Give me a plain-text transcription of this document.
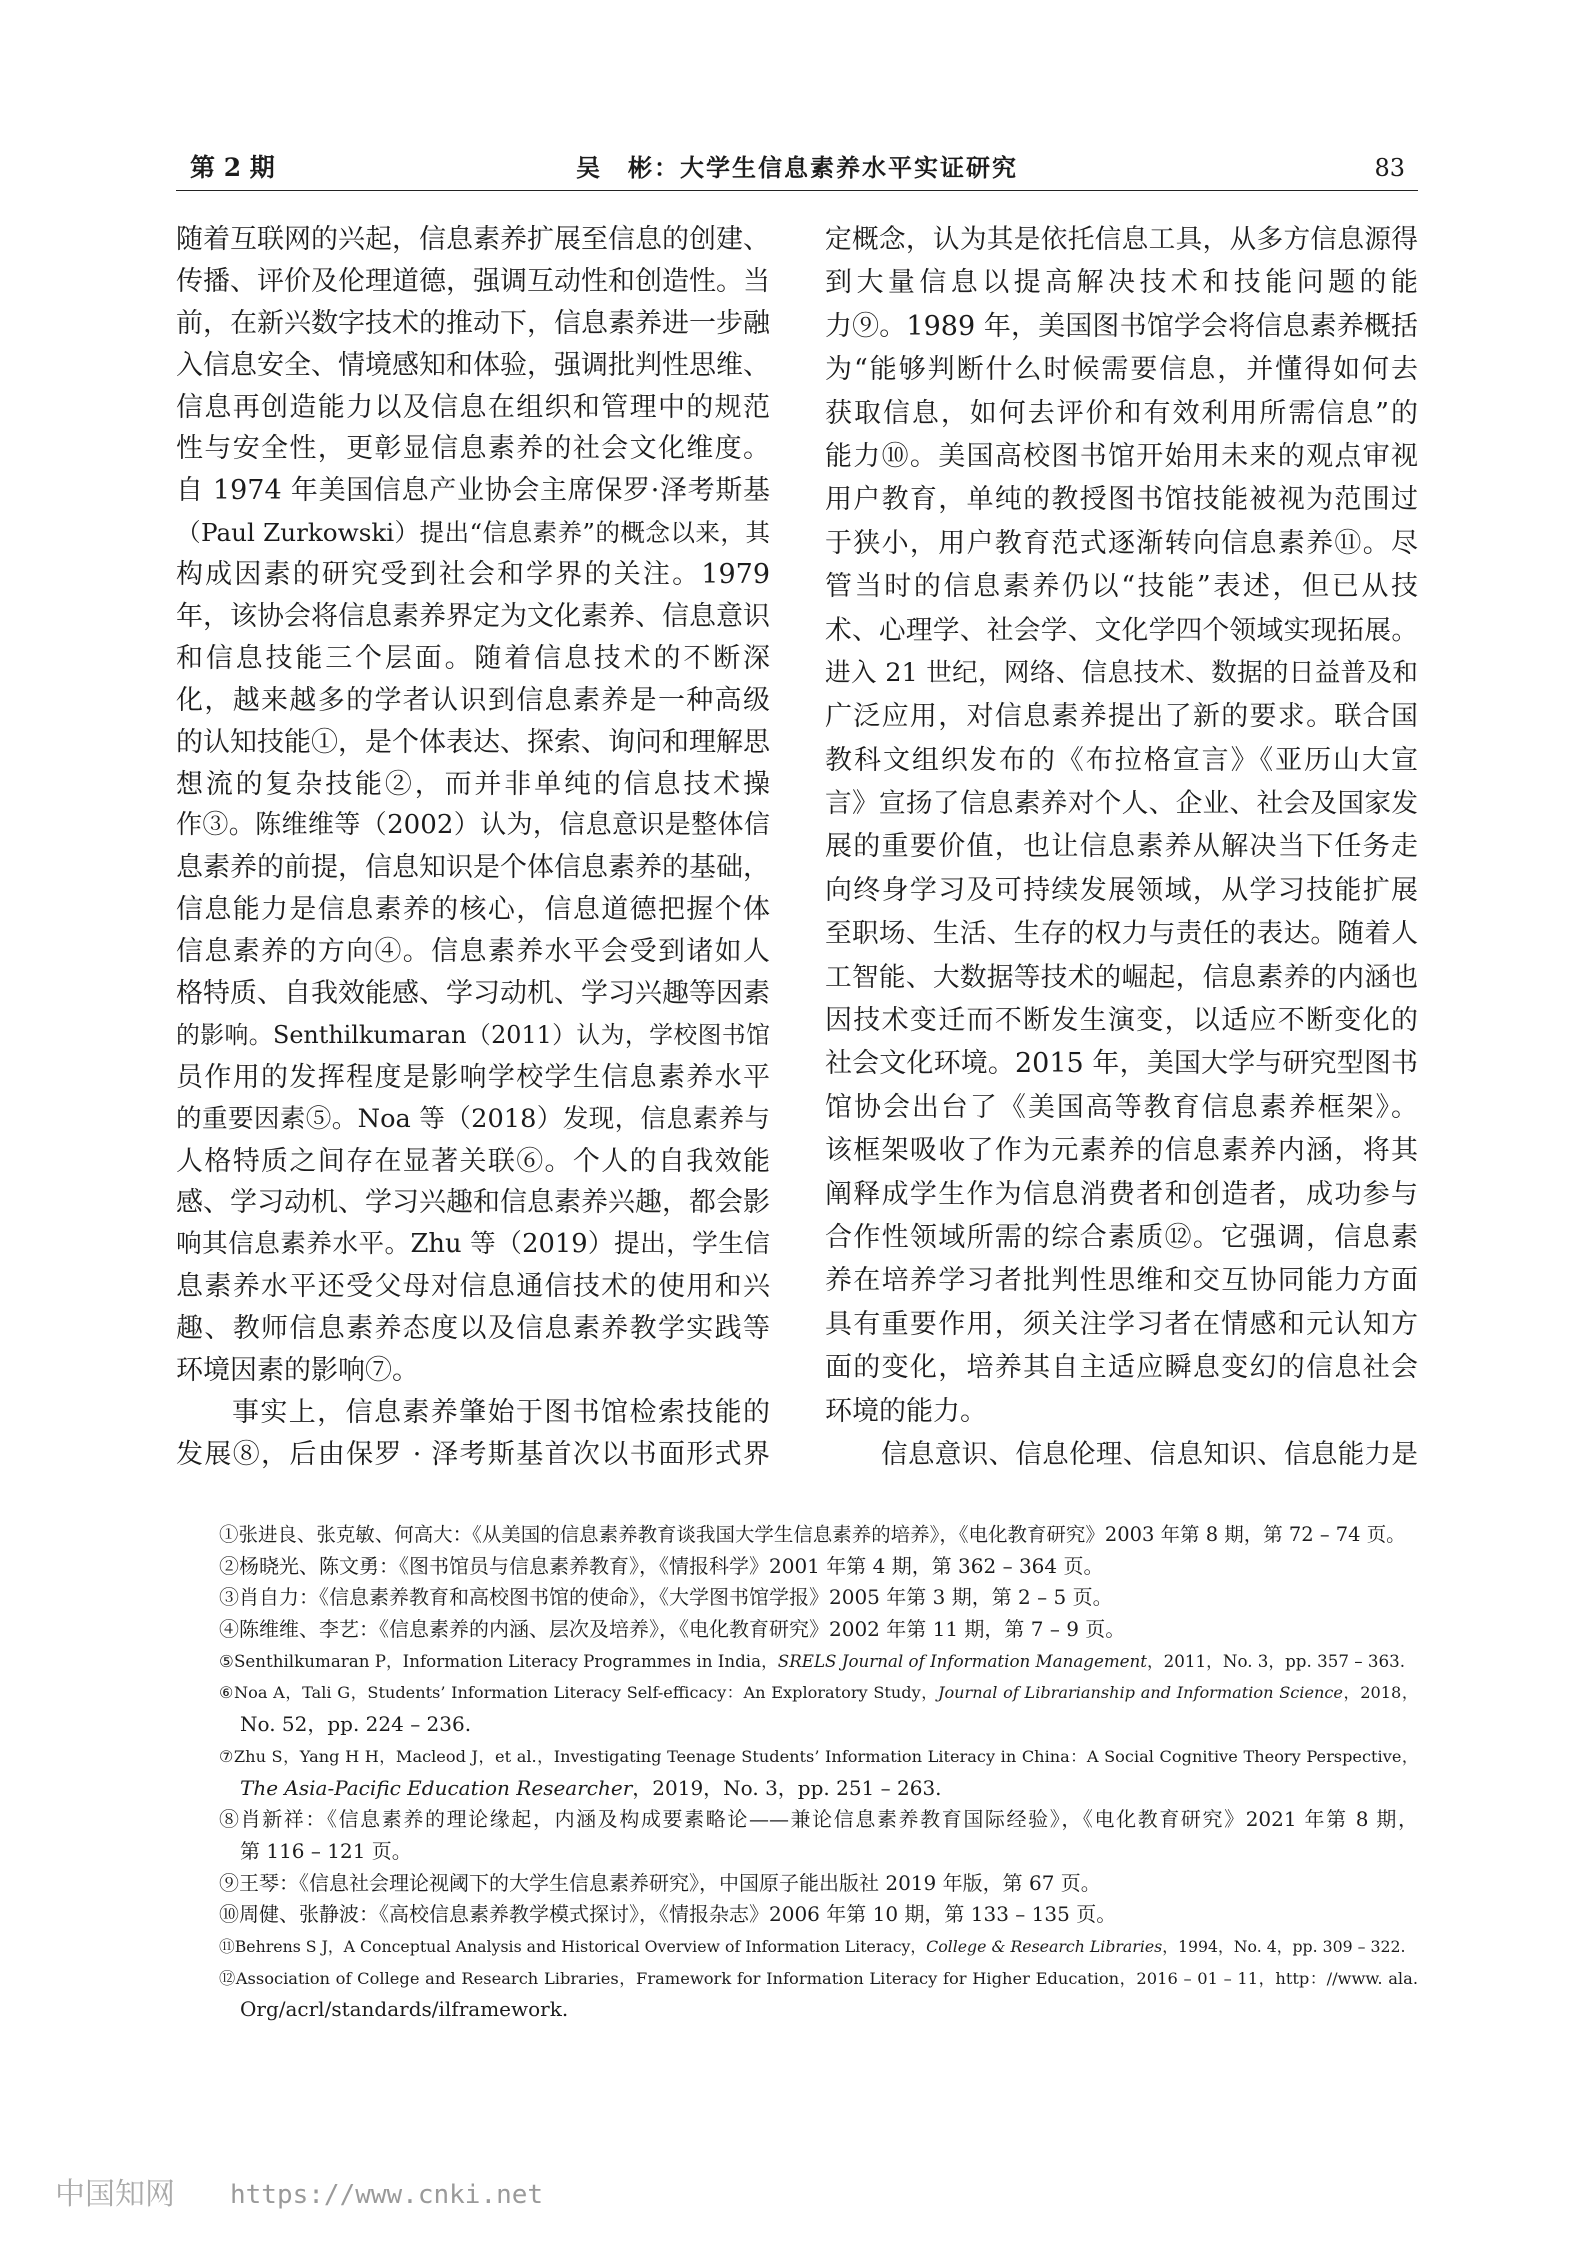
第 2 期	吴　彬：大学生信息素养水平实证研究	83
随着互联网的兴起，信息素养扩展至信息的创建、
传播、评价及伦理道德，强调互动性和创造性。当
前，在新兴数字技术的推动下，信息素养进一步融
入信息安全、情境感知和体验，强调批判性思维、
信息再创造能力以及信息在组织和管理中的规范
性与安全性，更彰显信息素养的社会文化维度。
自 1974 年美国信息产业协会主席保罗·泽考斯基
（Paul Zurkowski）提出“信息素养”的概念以来，其
构成因素的研究受到社会和学界的关注。1979
年，该协会将信息素养界定为文化素养、信息意识
和信息技能三个层面。随着信息技术的不断深
化，越来越多的学者认识到信息素养是一种高级
的认知技能①，是个体表达、探索、询问和理解思
想流的复杂技能②，而并非单纯的信息技术操
作③。陈维维等（2002）认为，信息意识是整体信
息素养的前提，信息知识是个体信息素养的基础，
信息能力是信息素养的核心，信息道德把握个体
信息素养的方向④。信息素养水平会受到诸如人
格特质、自我效能感、学习动机、学习兴趣等因素
的影响。Senthilkumaran（2011）认为，学校图书馆
员作用的发挥程度是影响学校学生信息素养水平
的重要因素⑤。Noa 等（2018）发现，信息素养与
人格特质之间存在显著关联⑥。个人的自我效能
感、学习动机、学习兴趣和信息素养兴趣，都会影
响其信息素养水平。Zhu 等（2019）提出，学生信
息素养水平还受父母对信息通信技术的使用和兴
趣、教师信息素养态度以及信息素养教学实践等
环境因素的影响⑦。
事实上，信息素养肇始于图书馆检索技能的
发展⑧，后由保罗 · 泽考斯基首次以书面形式界
定概念，认为其是依托信息工具，从多方信息源得
到大量信息以提高解决技术和技能问题的能
力⑨。1989 年，美国图书馆学会将信息素养概括
为“能够判断什么时候需要信息，并懂得如何去
获取信息，如何去评价和有效利用所需信息”的
能力⑩。美国高校图书馆开始用未来的观点审视
用户教育，单纯的教授图书馆技能被视为范围过
于狭小，用户教育范式逐渐转向信息素养⑪。尽
管当时的信息素养仍以“技能”表述，但已从技
术、心理学、社会学、文化学四个领域实现拓展。
进入 21 世纪，网络、信息技术、数据的日益普及和
广泛应用，对信息素养提出了新的要求。联合国
教科文组织发布的《布拉格宣言》《亚历山大宣
言》宣扬了信息素养对个人、企业、社会及国家发
展的重要价值，也让信息素养从解决当下任务走
向终身学习及可持续发展领域，从学习技能扩展
至职场、生活、生存的权力与责任的表达。随着人
工智能、大数据等技术的崛起，信息素养的内涵也
因技术变迁而不断发生演变，以适应不断变化的
社会文化环境。2015 年，美国大学与研究型图书
馆协会出台了《美国高等教育信息素养框架》。
该框架吸收了作为元素养的信息素养内涵，将其
阐释成学生作为信息消费者和创造者，成功参与
合作性领域所需的综合素质⑫。它强调，信息素
养在培养学习者批判性思维和交互协同能力方面
具有重要作用，须关注学习者在情感和元认知方
面的变化，培养其自主适应瞬息变幻的信息社会
环境的能力。
信息意识、信息伦理、信息知识、信息能力是
①张进良、张克敏、何高大：《从美国的信息素养教育谈我国大学生信息素养的培养》，《电化教育研究》2003 年第 8 期，第 72 – 74 页。
②杨晓光、陈文勇：《图书馆员与信息素养教育》，《情报科学》2001 年第 4 期，第 362 – 364 页。
③肖自力：《信息素养教育和高校图书馆的使命》，《大学图书馆学报》2005 年第 3 期，第 2 – 5 页。
④陈维维、李艺：《信息素养的内涵、层次及培养》，《电化教育研究》2002 年第 11 期，第 7 – 9 页。
⑤Senthilkumaran P，Information Literacy Programmes in India，SRELS Journal of Information Management，2011，No. 3，pp. 357 – 363.
⑥Noa A，Tali G，Students’ Information Literacy Self-efficacy：An Exploratory Study，Journal of Librarianship and Information Science，2018，
No. 52，pp. 224 – 236.
⑦Zhu S，Yang H H，Macleod J，et al.，Investigating Teenage Students’ Information Literacy in China：A Social Cognitive Theory Perspective，
The Asia-Pacific Education Researcher，2019，No. 3，pp. 251 – 263.
⑧肖新祥：《信息素养的理论缘起，内涵及构成要素略论——兼论信息素养教育国际经验》，《电化教育研究》2021 年第 8 期，
第 116 – 121 页。
⑨王琴：《信息社会理论视阈下的大学生信息素养研究》，中国原子能出版社 2019 年版，第 67 页。
⑩周健、张静波：《高校信息素养教学模式探讨》，《情报杂志》2006 年第 10 期，第 133 – 135 页。
⑪Behrens S J，A Conceptual Analysis and Historical Overview of Information Literacy，College & Research Libraries，1994，No. 4，pp. 309 – 322.
⑫Association of College and Research Libraries，Framework for Information Literacy for Higher Education，2016 – 01 – 11，http：//www. ala.
Org/acrl/standards/ilframework.
中国知网 https://www.cnki.net
